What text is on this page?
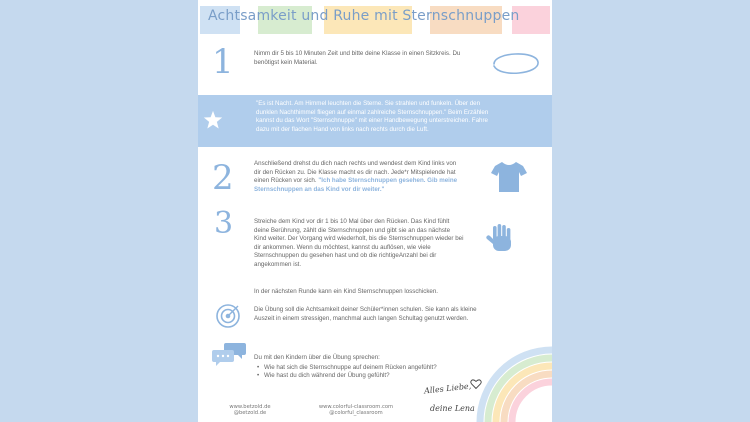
Achtsamkeit und Ruhe mit Sternschnuppen
1	Nimm dir 5 bis 10 Minuten Zeit und bitte deine Klasse in einen Sitzkreis. Du benötigst kein Material.
"Es ist Nacht. Am Himmel leuchten die Sterne. Sie strahlen und funkeln. Über den dunklen Nachthimmel fliegen auf einmal zahlreiche Sternschnuppen." Beim Erzählen kannst du das Wort "Sternschnuppe" mit einer Handbewegung unterstreichen. Fahre dazu mit der flachen Hand von links nach rechts durch die Luft.
2	Anschließend drehst du dich nach rechts und wendest dem Kind links von dir den Rücken zu. Die Klasse macht es dir nach. Jede*r Mitspielende hat einen Rücken vor sich. "Ich habe Sternschnuppen gesehen. Gib meine Sternschnuppen an das Kind vor dir weiter."
3	Streiche dem Kind vor dir 1 bis 10 Mal über den Rücken. Das Kind fühlt deine Berührung, zählt die Sternschnuppen und gibt sie an das nächste Kind weiter. Der Vorgang wird wiederholt, bis die Sternschnuppen wieder bei dir ankommen. Wenn du möchtest, kannst du auflösen, wie viele Sternschnuppen du gesehen hast und ob die richtigeAnzahl bei dir angekommen ist.
In der nächsten Runde kann ein Kind Sternschnuppen losschicken.
Die Übung soll die Achtsamkeit deiner Schüler*innen schulen. Sie kann als kleine Auszeit in einem stressigen, manchmal auch langen Schultag genutzt werden.
Du mit den Kindern über die Übung sprechen:
• Wie hat sich die Sternschnuppe auf deinem Rücken angefühlt?
• Wie hast du dich während der Übung gefühlt?
Alles Liebe,
deine Lena
www.betzold.de
@betzold.de
www.colorful-classroom.com
@colorful_classroom
